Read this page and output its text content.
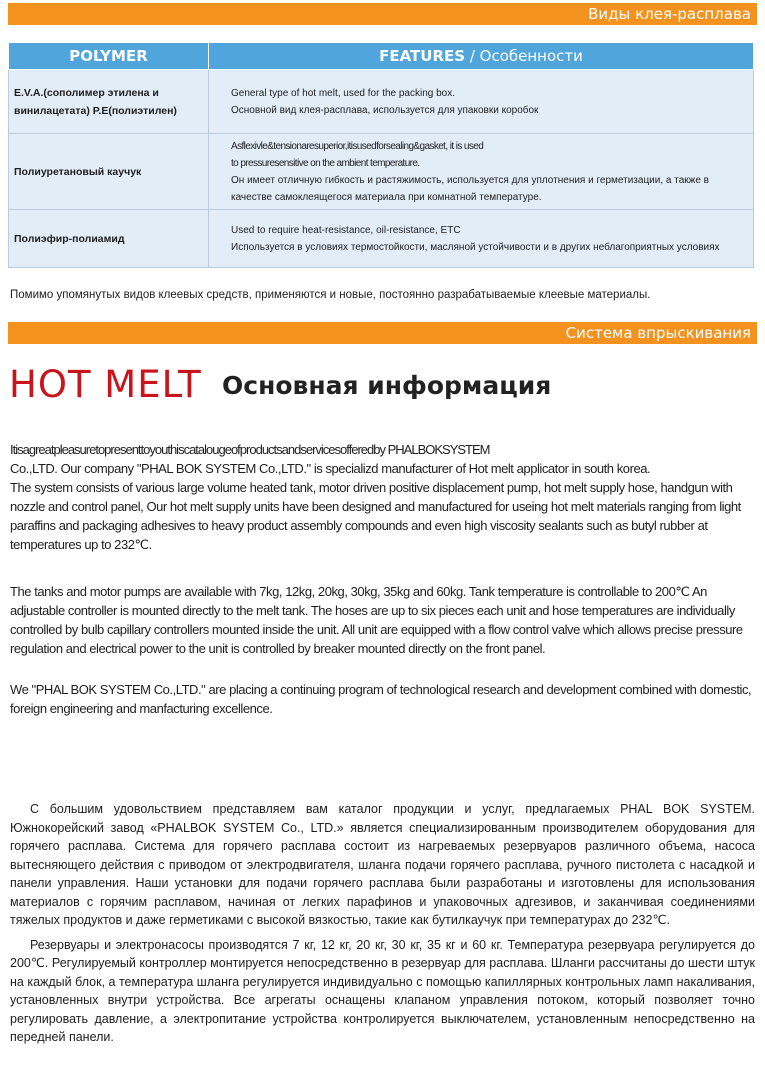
Виды клея-расплава
POLYMER	FEATURES / Особенности
E.V.A.(сополимер этилена и винилацетата) P.E(полиэтилен)	General type of hot melt, used for the packing box.
Основной вид клея-расплава, используется для упаковки коробок

Полиуретановый каучук	Asflexivle&tensionaresuperior,itisusedforsealing&gasket, it is used
to pressuresensitive on the ambient temperature.
Он имеет отличную гибкость и растяжимость, используется для уплотнения и герметизации, а также в качестве самоклеящегося материала при комнатной температуре.

Полиэфир-полиамид	Used to require heat-resistance, oil-resistance, ETC
Используется в условиях термостойкости, масляной устойчивости и в других неблагоприятных условиях
Помимо упомянутых видов клеевых средств, применяются и новые, постоянно разрабатываемые клеевые материалы.
Система впрыскивания
HOT MELT Основная информация

Itisagreatpleasuretopresenttoyouthiscatalougeofproductsandservicesofferedby PHALBOKSYSTEM
Co.,LTD. Our company "PHAL BOK SYSTEM Co.,LTD." is specializd manufacturer of Hot melt applicator in south korea.
The system consists of various large volume heated tank, motor driven positive displacement pump, hot melt supply hose, handgun with nozzle and control panel, Our hot melt supply units have been designed and manufactured for useing hot melt materials ranging from light paraffins and packaging adhesives to heavy product assembly compounds and even high viscosity sealants such as butyl rubber at temperatures up to 232℃.

The tanks and motor pumps are available with 7kg, 12kg, 20kg, 30kg, 35kg and 60kg. Tank temperature is controllable to 200℃ An adjustable controller is mounted directly to the melt tank. The hoses are up to six pieces each unit and hose temperatures are individually controlled by bulb capillary controllers mounted inside the unit. All unit are equipped with a flow control valve which allows precise pressure regulation and electrical power to the unit is controlled by breaker mounted directly on the front panel.

We "PHAL BOK SYSTEM Co.,LTD." are placing a continuing program of technological research and development combined with domestic, foreign engineering and manfacturing excellence.

С большим удовольствием представляем вам каталог продукции и услуг, предлагаемых PHAL BOK SYSTEM. Южнокорейский завод «PHALBOK SYSTEM Co., LTD.» является специализированным производителем оборудования для горячего расплава. Система для горячего расплава состоит из нагреваемых резервуаров различного объема, насоса вытесняющего действия с приводом от электродвигателя, шланга подачи горячего расплава, ручного пистолета с насадкой и панели управления. Наши установки для подачи горячего расплава были разработаны и изготовлены для использования материалов с горячим расплавом, начиная от легких парафинов и упаковочных адгезивов, и заканчивая соединениями тяжелых продуктов и даже герметиками с высокой вязкостью, такие как бутилкаучук при температурах до 232℃.

Резервуары и электронасосы производятся 7 кг, 12 кг, 20 кг, 30 кг, 35 кг и 60 кг. Температура резервуара регулируется до 200℃. Регулируемый контроллер монтируется непосредственно в резервуар для расплава. Шланги рассчитаны до шести штук на каждый блок, а температура шланга регулируется индивидуально с помощью капиллярных контрольных ламп накаливания, установленных внутри устройства. Все агрегаты оснащены клапаном управления потоком, который позволяет точно регулировать давление, а электропитание устройства контролируется выключателем, установленным непосредственно на передней панели.
